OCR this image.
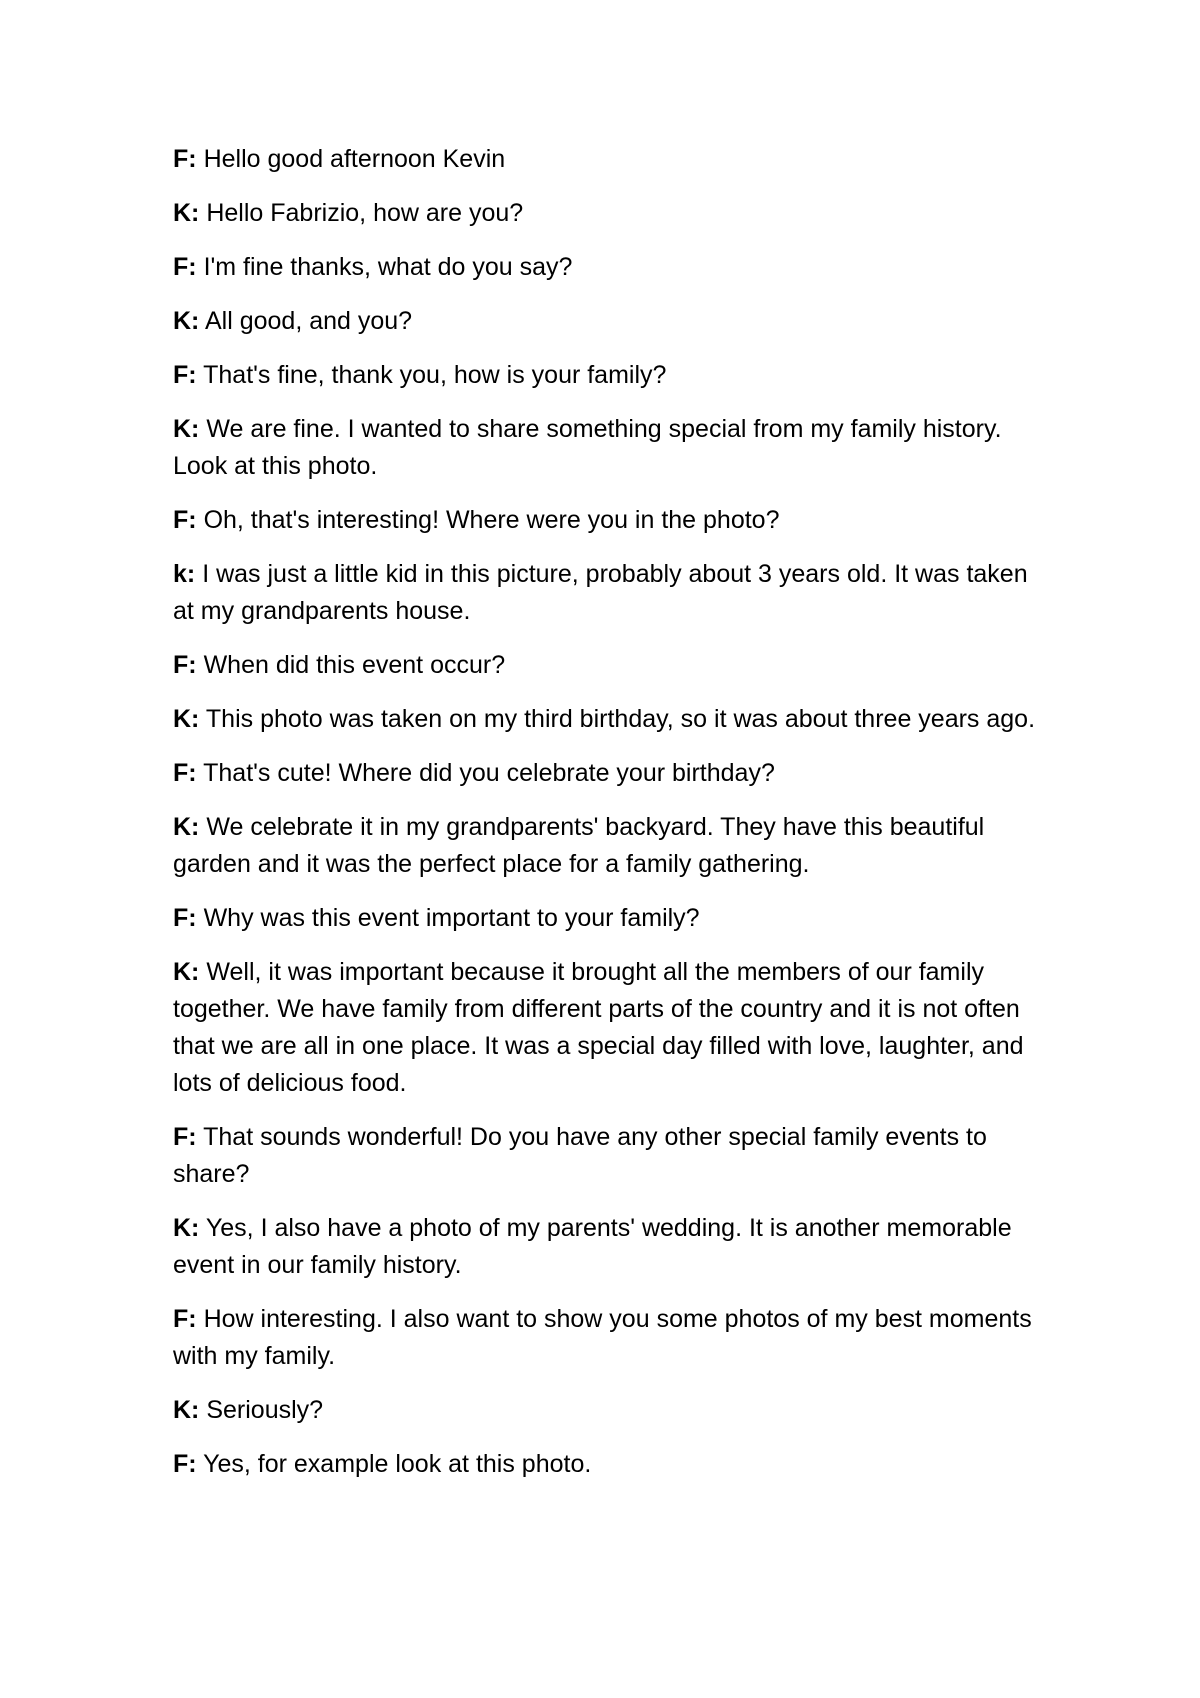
F: Hello good afternoon Kevin

K: Hello Fabrizio, how are you?

F: I'm fine thanks, what do you say?

K: All good, and you?

F: That's fine, thank you, how is your family?

K: We are fine. I wanted to share something special from my family history. Look at this photo.

F: Oh, that's interesting! Where were you in the photo?

k: I was just a little kid in this picture, probably about 3 years old. It was taken at my grandparents house.

F: When did this event occur?

K: This photo was taken on my third birthday, so it was about three years ago.

F: That's cute! Where did you celebrate your birthday?

K: We celebrate it in my grandparents' backyard. They have this beautiful garden and it was the perfect place for a family gathering.

F: Why was this event important to your family?

K: Well, it was important because it brought all the members of our family together. We have family from different parts of the country and it is not often that we are all in one place. It was a special day filled with love, laughter, and lots of delicious food.

F: That sounds wonderful! Do you have any other special family events to share?

K: Yes, I also have a photo of my parents' wedding. It is another memorable event in our family history.

F: How interesting. I also want to show you some photos of my best moments with my family.

K: Seriously?

F: Yes, for example look at this photo.
